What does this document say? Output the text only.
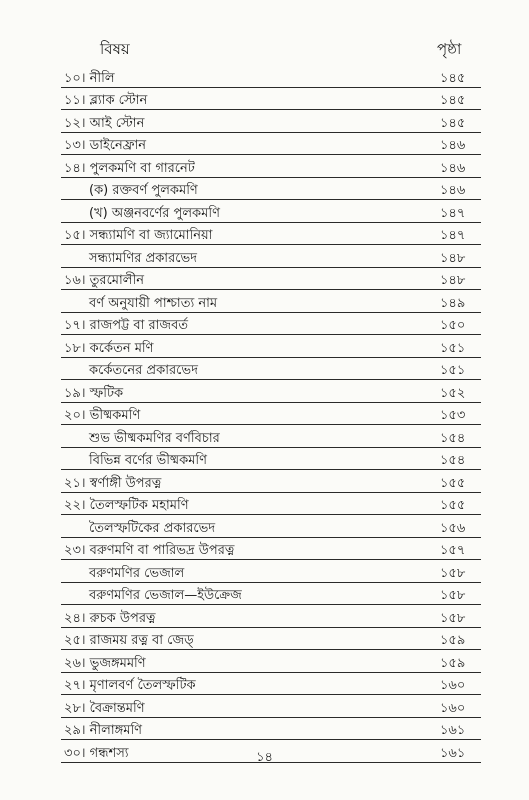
বিষয়	পৃষ্ঠা
১০। নীলি	১৪৫
১১। ব্ল্যাক স্টোন	১৪৫
১২। আই স্টোন	১৪৫
১৩। ডাইনেফ্রান	১৪৬
১৪। পুলকমণি বা গারনেট	১৪৬
(ক) রক্তবর্ণ পুলকমণি	১৪৬
(খ) অঞ্জনবর্ণের পুলকমণি	১৪৭
১৫। সন্ধ্যামণি বা জ্যামোনিয়া	১৪৭
সন্ধ্যামণির প্রকারভেদ	১৪৮
১৬। তুরমোলীন	১৪৮
বর্ণ অনুযায়ী পাশ্চাত্য নাম	১৪৯
১৭। রাজপট্ট বা রাজবর্ত	১৫০
১৮। কর্কেতন মণি	১৫১
কর্কেতনের প্রকারভেদ	১৫১
১৯। স্ফটিক	১৫২
২০। ভীষ্মকমণি	১৫৩
শুভ ভীষ্মকমণির বর্ণবিচার	১৫৪
বিভিন্ন বর্ণের ভীষ্মকমণি	১৫৪
২১। স্বর্ণাঙ্গী উপরত্ন	১৫৫
২২। তৈলস্ফটিক মহামণি	১৫৫
তৈলস্ফটিকের প্রকারভেদ	১৫৬
২৩। বরুণমণি বা পারিভদ্র উপরত্ন	১৫৭
বরুণমণির ভেজাল	১৫৮
বরুণমণির ভেজাল—ইউক্রেজ	১৫৮
২৪। রুচক উপরত্ন	১৫৮
২৫। রাজময় রত্ন বা জেড্	১৫৯
২৬। ভুজঙ্গমমণি	১৫৯
২৭। মৃণালবর্ণ তৈলস্ফটিক	১৬০
২৮। বৈক্রান্তমণি	১৬০
২৯। নীলাঙ্গমণি	১৬১
৩০। গন্ধশস্য	১৬১
১৪
